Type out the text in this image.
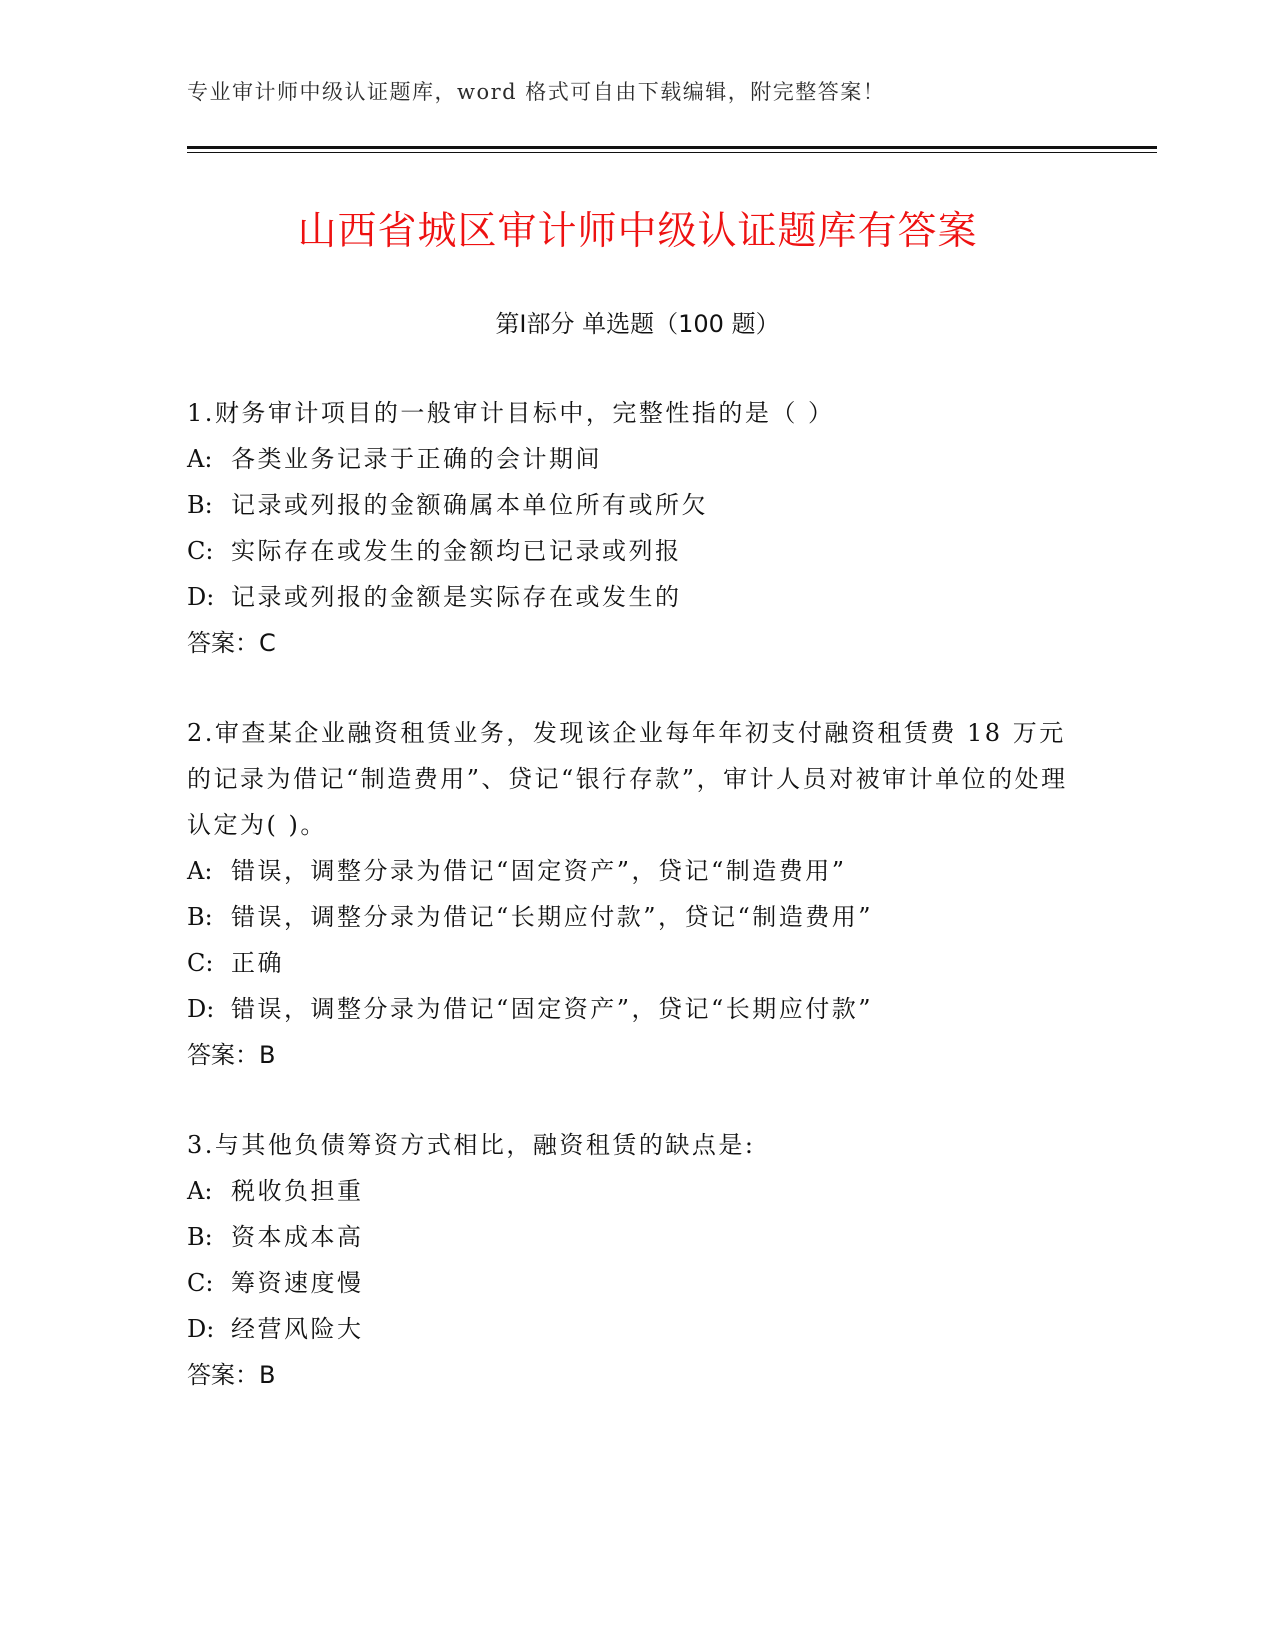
专业审计师中级认证题库，word 格式可自由下载编辑，附完整答案！
山西省城区审计师中级认证题库有答案
第Ⅰ部分 单选题（100 题）

1.财务审计项目的一般审计目标中，完整性指的是（ ）

A: 各类业务记录于正确的会计期间
B: 记录或列报的金额确属本单位所有或所欠
C: 实际存在或发生的金额均已记录或列报
D: 记录或列报的金额是实际存在或发生的
答案：C

2.审查某企业融资租赁业务，发现该企业每年年初支付融资租赁费 18 万元的记录为借记“制造费用”、贷记“银行存款”，审计人员对被审计单位的处理认定为( )。

A: 错误，调整分录为借记“固定资产”，贷记“制造费用”
B: 错误，调整分录为借记“长期应付款”，贷记“制造费用”
C: 正确
D: 错误，调整分录为借记“固定资产”，贷记“长期应付款”
答案：B

3.与其他负债筹资方式相比，融资租赁的缺点是:

A: 税收负担重
B: 资本成本高
C: 筹资速度慢
D: 经营风险大
答案：B
